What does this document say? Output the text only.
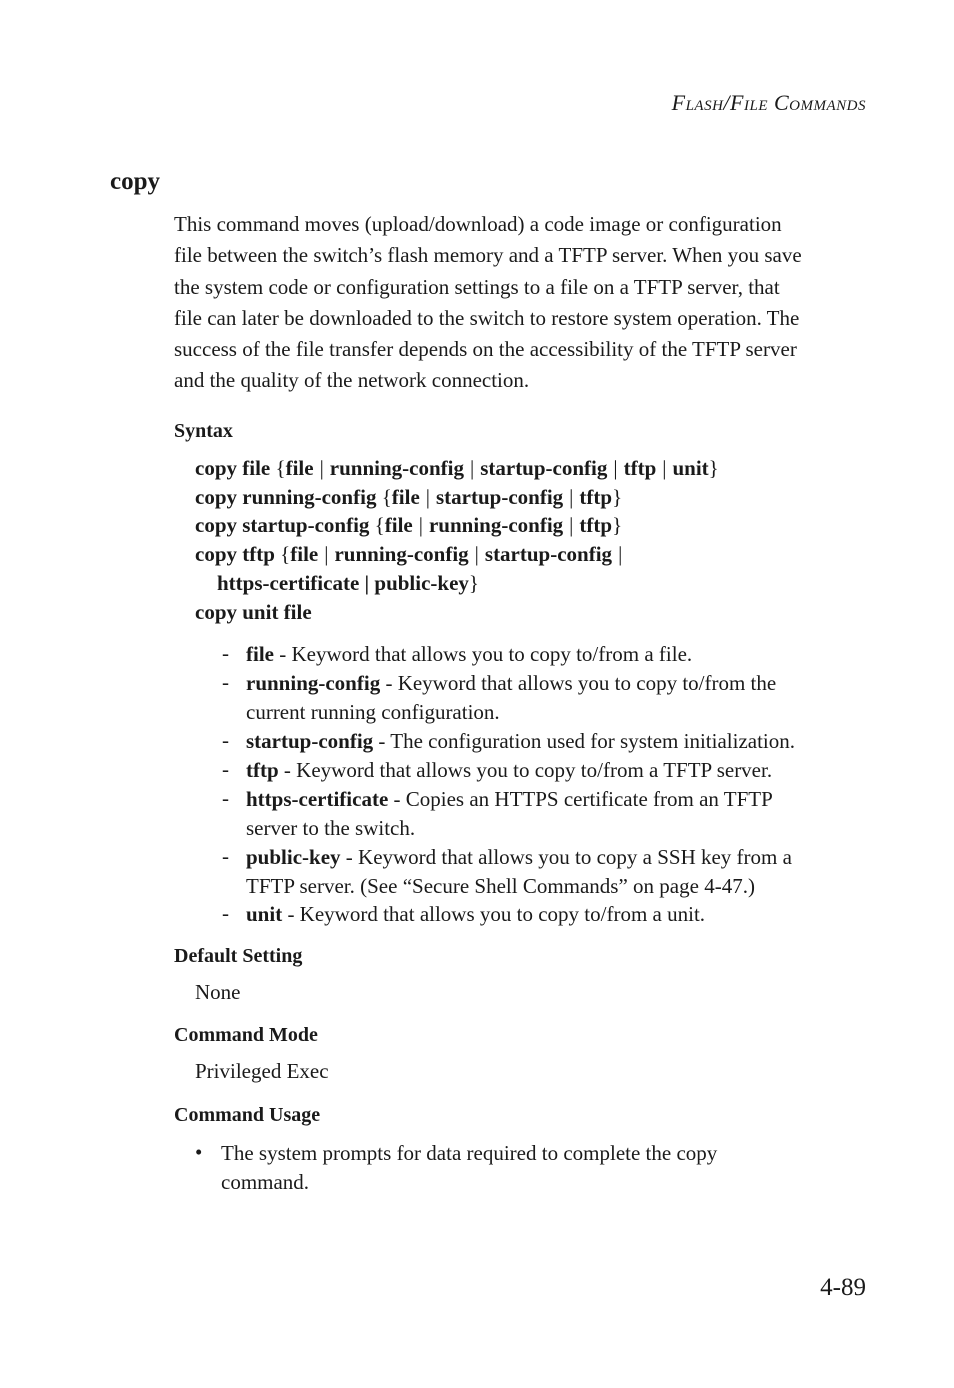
FLASH/FILE COMMANDS
copy
This command moves (upload/download) a code image or configuration
file between the switch’s flash memory and a TFTP server. When you save
the system code or configuration settings to a file on a TFTP server, that
file can later be downloaded to the switch to restore system operation. The
success of the file transfer depends on the accessibility of the TFTP server
and the quality of the network connection.
Syntax
copy file {file | running-config | startup-config | tftp | unit}
copy running-config {file | startup-config | tftp}
copy startup-config {file | running-config | tftp}
copy tftp {file | running-config | startup-config |
https-certificate | public-key}
copy unit file
- file - Keyword that allows you to copy to/from a file.
- running-config - Keyword that allows you to copy to/from the
current running configuration.
- startup-config - The configuration used for system initialization.
- tftp - Keyword that allows you to copy to/from a TFTP server.
- https-certificate - Copies an HTTPS certificate from an TFTP
server to the switch.
- public-key - Keyword that allows you to copy a SSH key from a
TFTP server. (See “Secure Shell Commands” on page 4-47.)
- unit - Keyword that allows you to copy to/from a unit.
Default Setting
None
Command Mode
Privileged Exec
Command Usage
• The system prompts for data required to complete the copy
command.
4-89
